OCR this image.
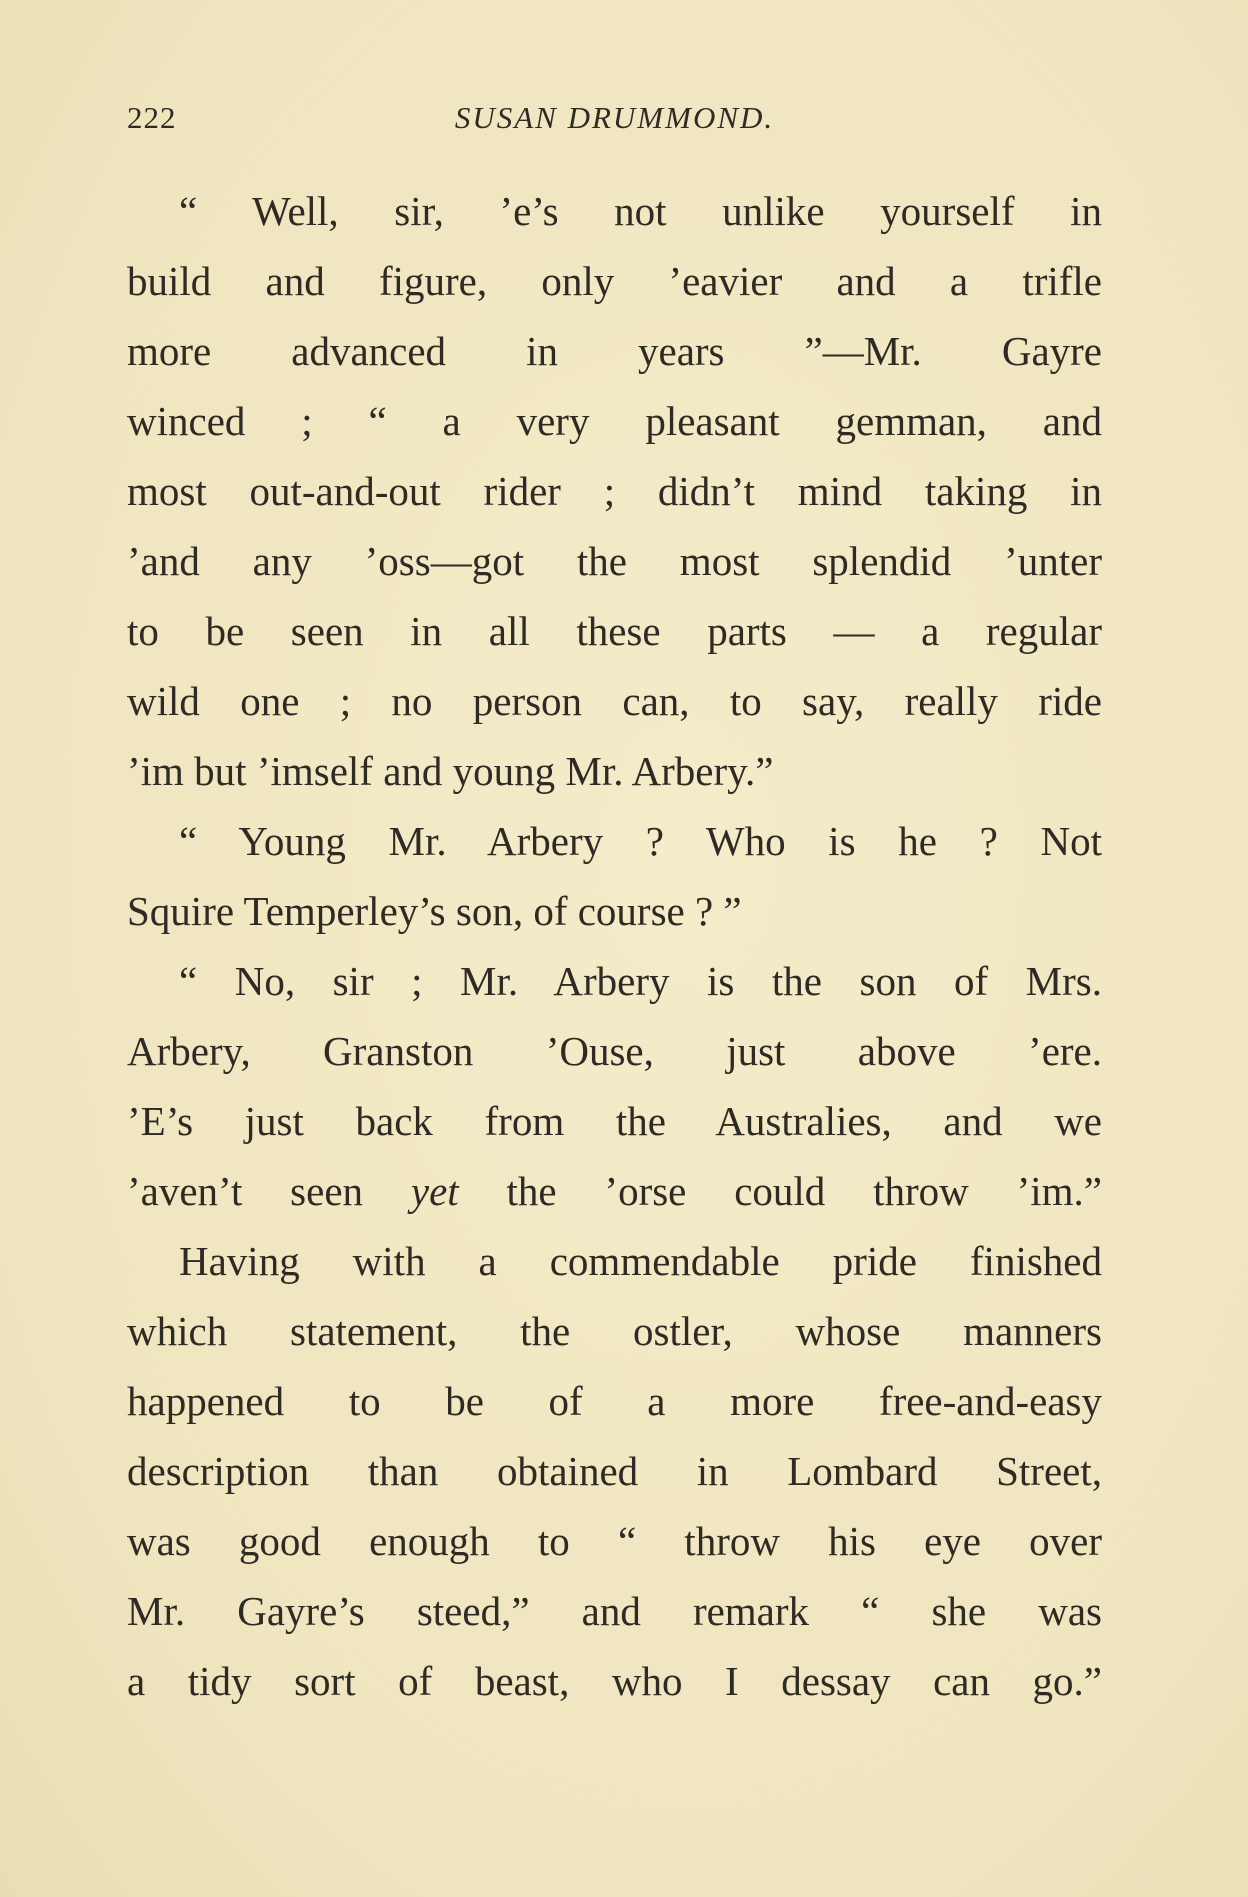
222	SUSAN DRUMMOND.
“ Well, sir, ’e’s not unlike yourself in
build and figure, only ’eavier and a trifle
more advanced in years ”—Mr. Gayre
winced ; “ a very pleasant gemman, and
most out-and-out rider ; didn’t mind taking in
’and any ’oss—got the most splendid ’unter
to be seen in all these parts — a regular
wild one ; no person can, to say, really ride
’im but ’imself and young Mr. Arbery.”
“ Young Mr. Arbery ? Who is he ? Not
Squire Temperley’s son, of course ? ”
“ No, sir ; Mr. Arbery is the son of Mrs.
Arbery, Granston ’Ouse, just above ’ere.
’E’s just back from the Australies, and we
’aven’t seen yet the ’orse could throw ’im.”
Having with a commendable pride finished
which statement, the ostler, whose manners
happened to be of a more free-and-easy
description than obtained in Lombard Street,
was good enough to “ throw his eye over
Mr. Gayre’s steed,” and remark “ she was
a tidy sort of beast, who I dessay can go.”
